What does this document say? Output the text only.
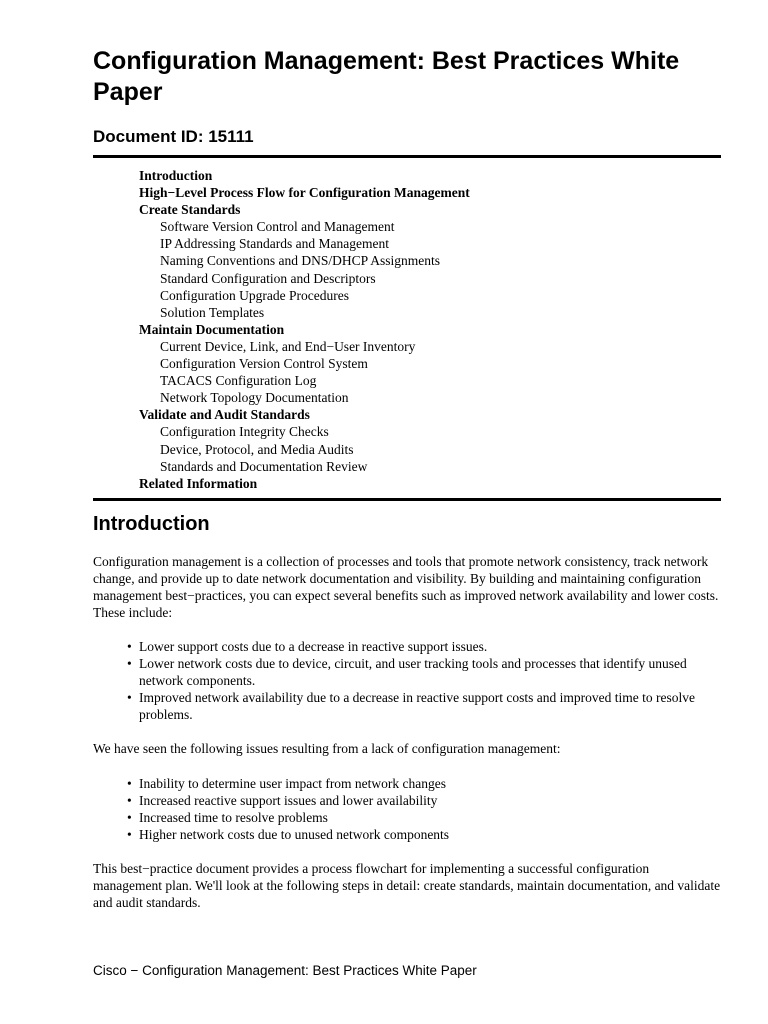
Configuration Management: Best Practices White Paper
Document ID: 15111
Introduction
High−Level Process Flow for Configuration Management
Create Standards
Software Version Control and Management
IP Addressing Standards and Management
Naming Conventions and DNS/DHCP Assignments
Standard Configuration and Descriptors
Configuration Upgrade Procedures
Solution Templates
Maintain Documentation
Current Device, Link, and End−User Inventory
Configuration Version Control System
TACACS Configuration Log
Network Topology Documentation
Validate and Audit Standards
Configuration Integrity Checks
Device, Protocol, and Media Audits
Standards and Documentation Review
Related Information
Introduction

Configuration management is a collection of processes and tools that promote network consistency, track network change, and provide up to date network documentation and visibility. By building and maintaining configuration management best−practices, you can expect several benefits such as improved network availability and lower costs. These include:

• Lower support costs due to a decrease in reactive support issues.
• Lower network costs due to device, circuit, and user tracking tools and processes that identify unused network components.
• Improved network availability due to a decrease in reactive support costs and improved time to resolve problems.

We have seen the following issues resulting from a lack of configuration management:

• Inability to determine user impact from network changes
• Increased reactive support issues and lower availability
• Increased time to resolve problems
• Higher network costs due to unused network components

This best−practice document provides a process flowchart for implementing a successful configuration management plan. We'll look at the following steps in detail: create standards, maintain documentation, and validate and audit standards.

Cisco − Configuration Management: Best Practices White Paper
